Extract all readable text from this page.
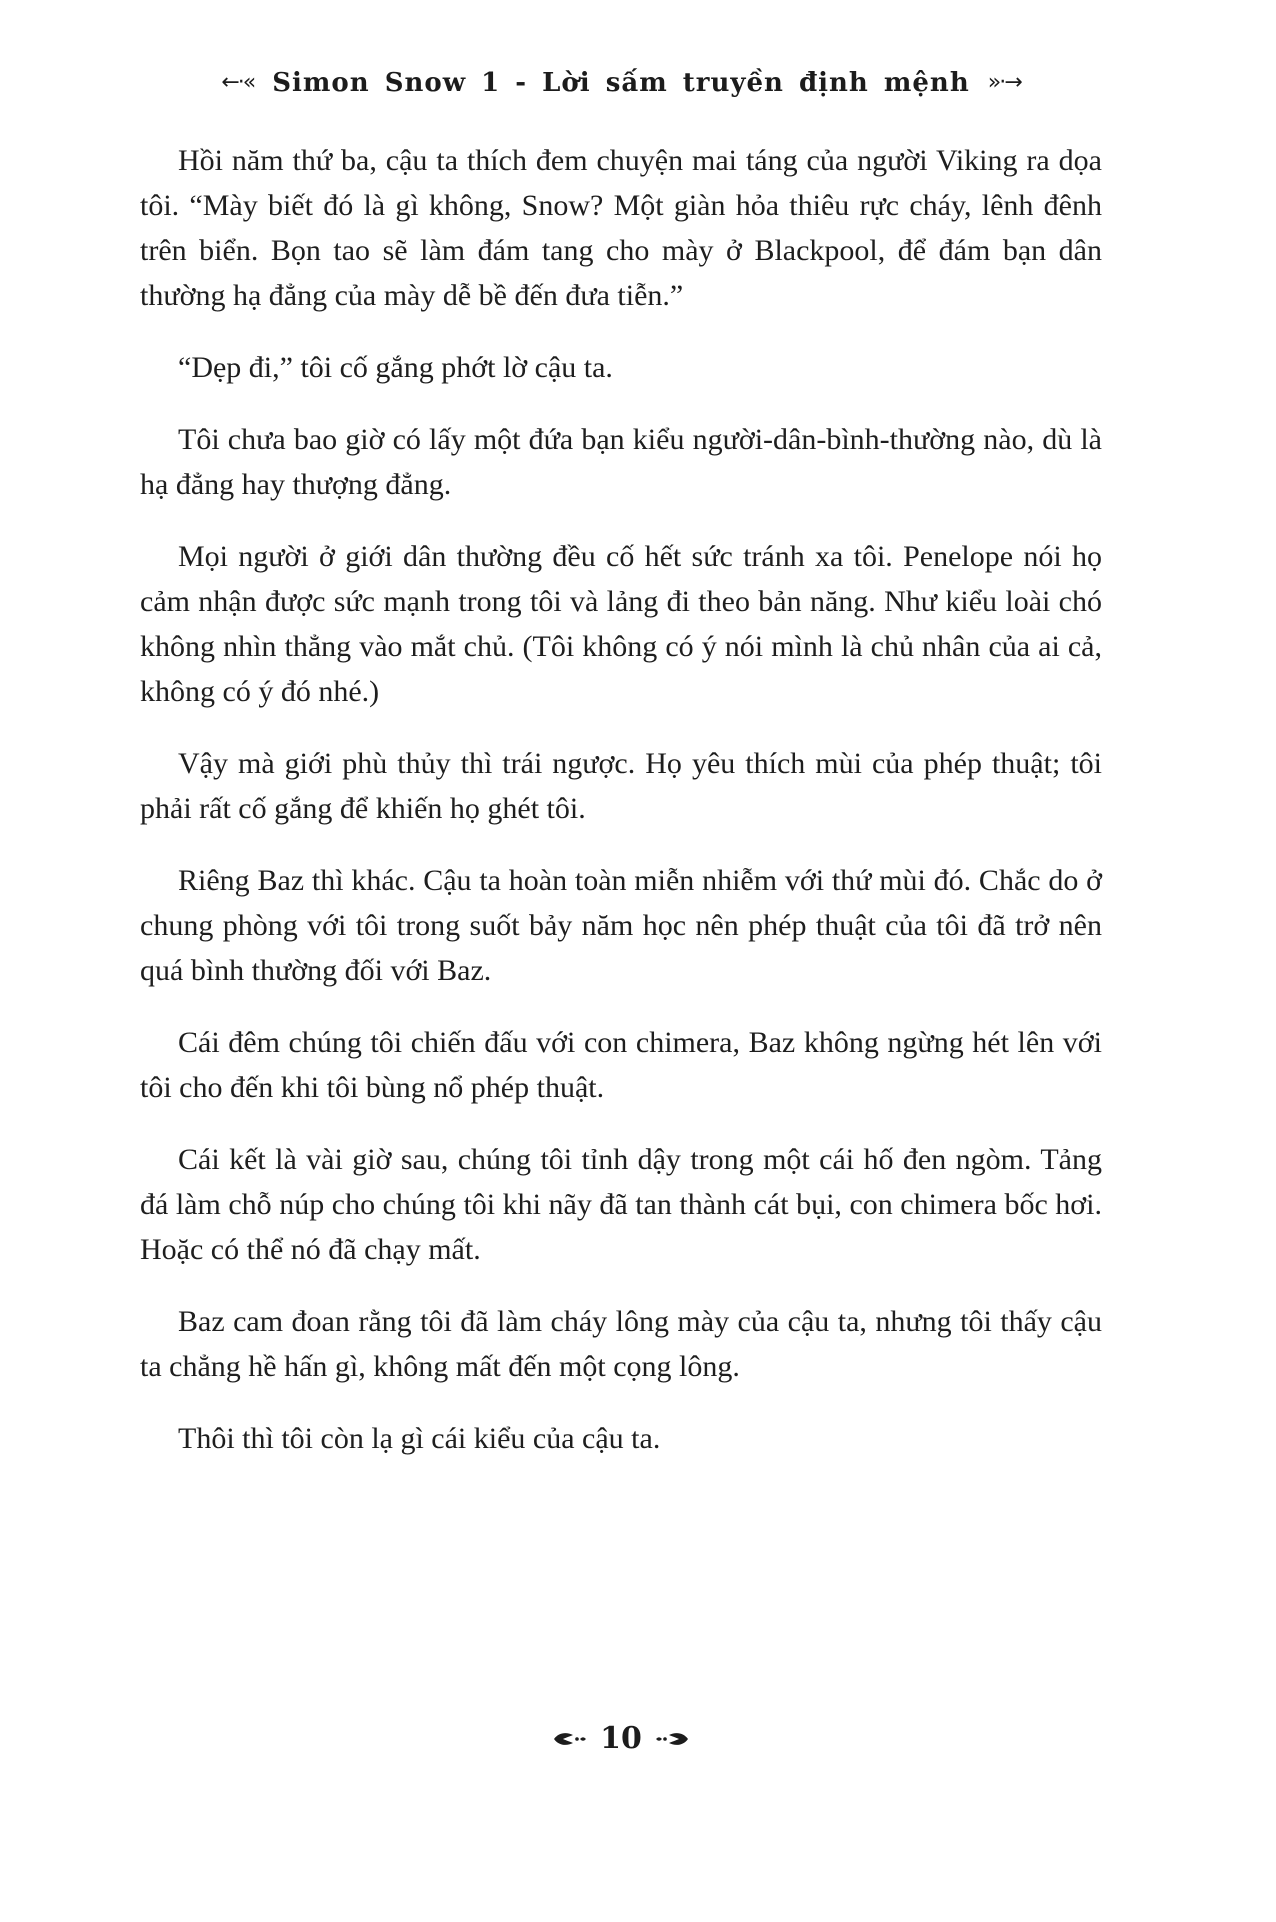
←·« Simon Snow 1 - Lời sấm truyền định mệnh »·→

Hồi năm thứ ba, cậu ta thích đem chuyện mai táng của người Viking ra dọa tôi. “Mày biết đó là gì không, Snow? Một giàn hỏa thiêu rực cháy, lênh đênh trên biển. Bọn tao sẽ làm đám tang cho mày ở Blackpool, để đám bạn dân thường hạ đẳng của mày dễ bề đến đưa tiễn.”

“Dẹp đi,” tôi cố gắng phớt lờ cậu ta.

Tôi chưa bao giờ có lấy một đứa bạn kiểu người-dân-bình-thường nào, dù là hạ đẳng hay thượng đẳng.

Mọi người ở giới dân thường đều cố hết sức tránh xa tôi. Penelope nói họ cảm nhận được sức mạnh trong tôi và lảng đi theo bản năng. Như kiểu loài chó không nhìn thẳng vào mắt chủ. (Tôi không có ý nói mình là chủ nhân của ai cả, không có ý đó nhé.)

Vậy mà giới phù thủy thì trái ngược. Họ yêu thích mùi của phép thuật; tôi phải rất cố gắng để khiến họ ghét tôi.

Riêng Baz thì khác. Cậu ta hoàn toàn miễn nhiễm với thứ mùi đó. Chắc do ở chung phòng với tôi trong suốt bảy năm học nên phép thuật của tôi đã trở nên quá bình thường đối với Baz.

Cái đêm chúng tôi chiến đấu với con chimera, Baz không ngừng hét lên với tôi cho đến khi tôi bùng nổ phép thuật.

Cái kết là vài giờ sau, chúng tôi tỉnh dậy trong một cái hố đen ngòm. Tảng đá làm chỗ núp cho chúng tôi khi nãy đã tan thành cát bụi, con chimera bốc hơi. Hoặc có thể nó đã chạy mất.

Baz cam đoan rằng tôi đã làm cháy lông mày của cậu ta, nhưng tôi thấy cậu ta chẳng hề hấn gì, không mất đến một cọng lông.

Thôi thì tôi còn lạ gì cái kiểu của cậu ta.

10
